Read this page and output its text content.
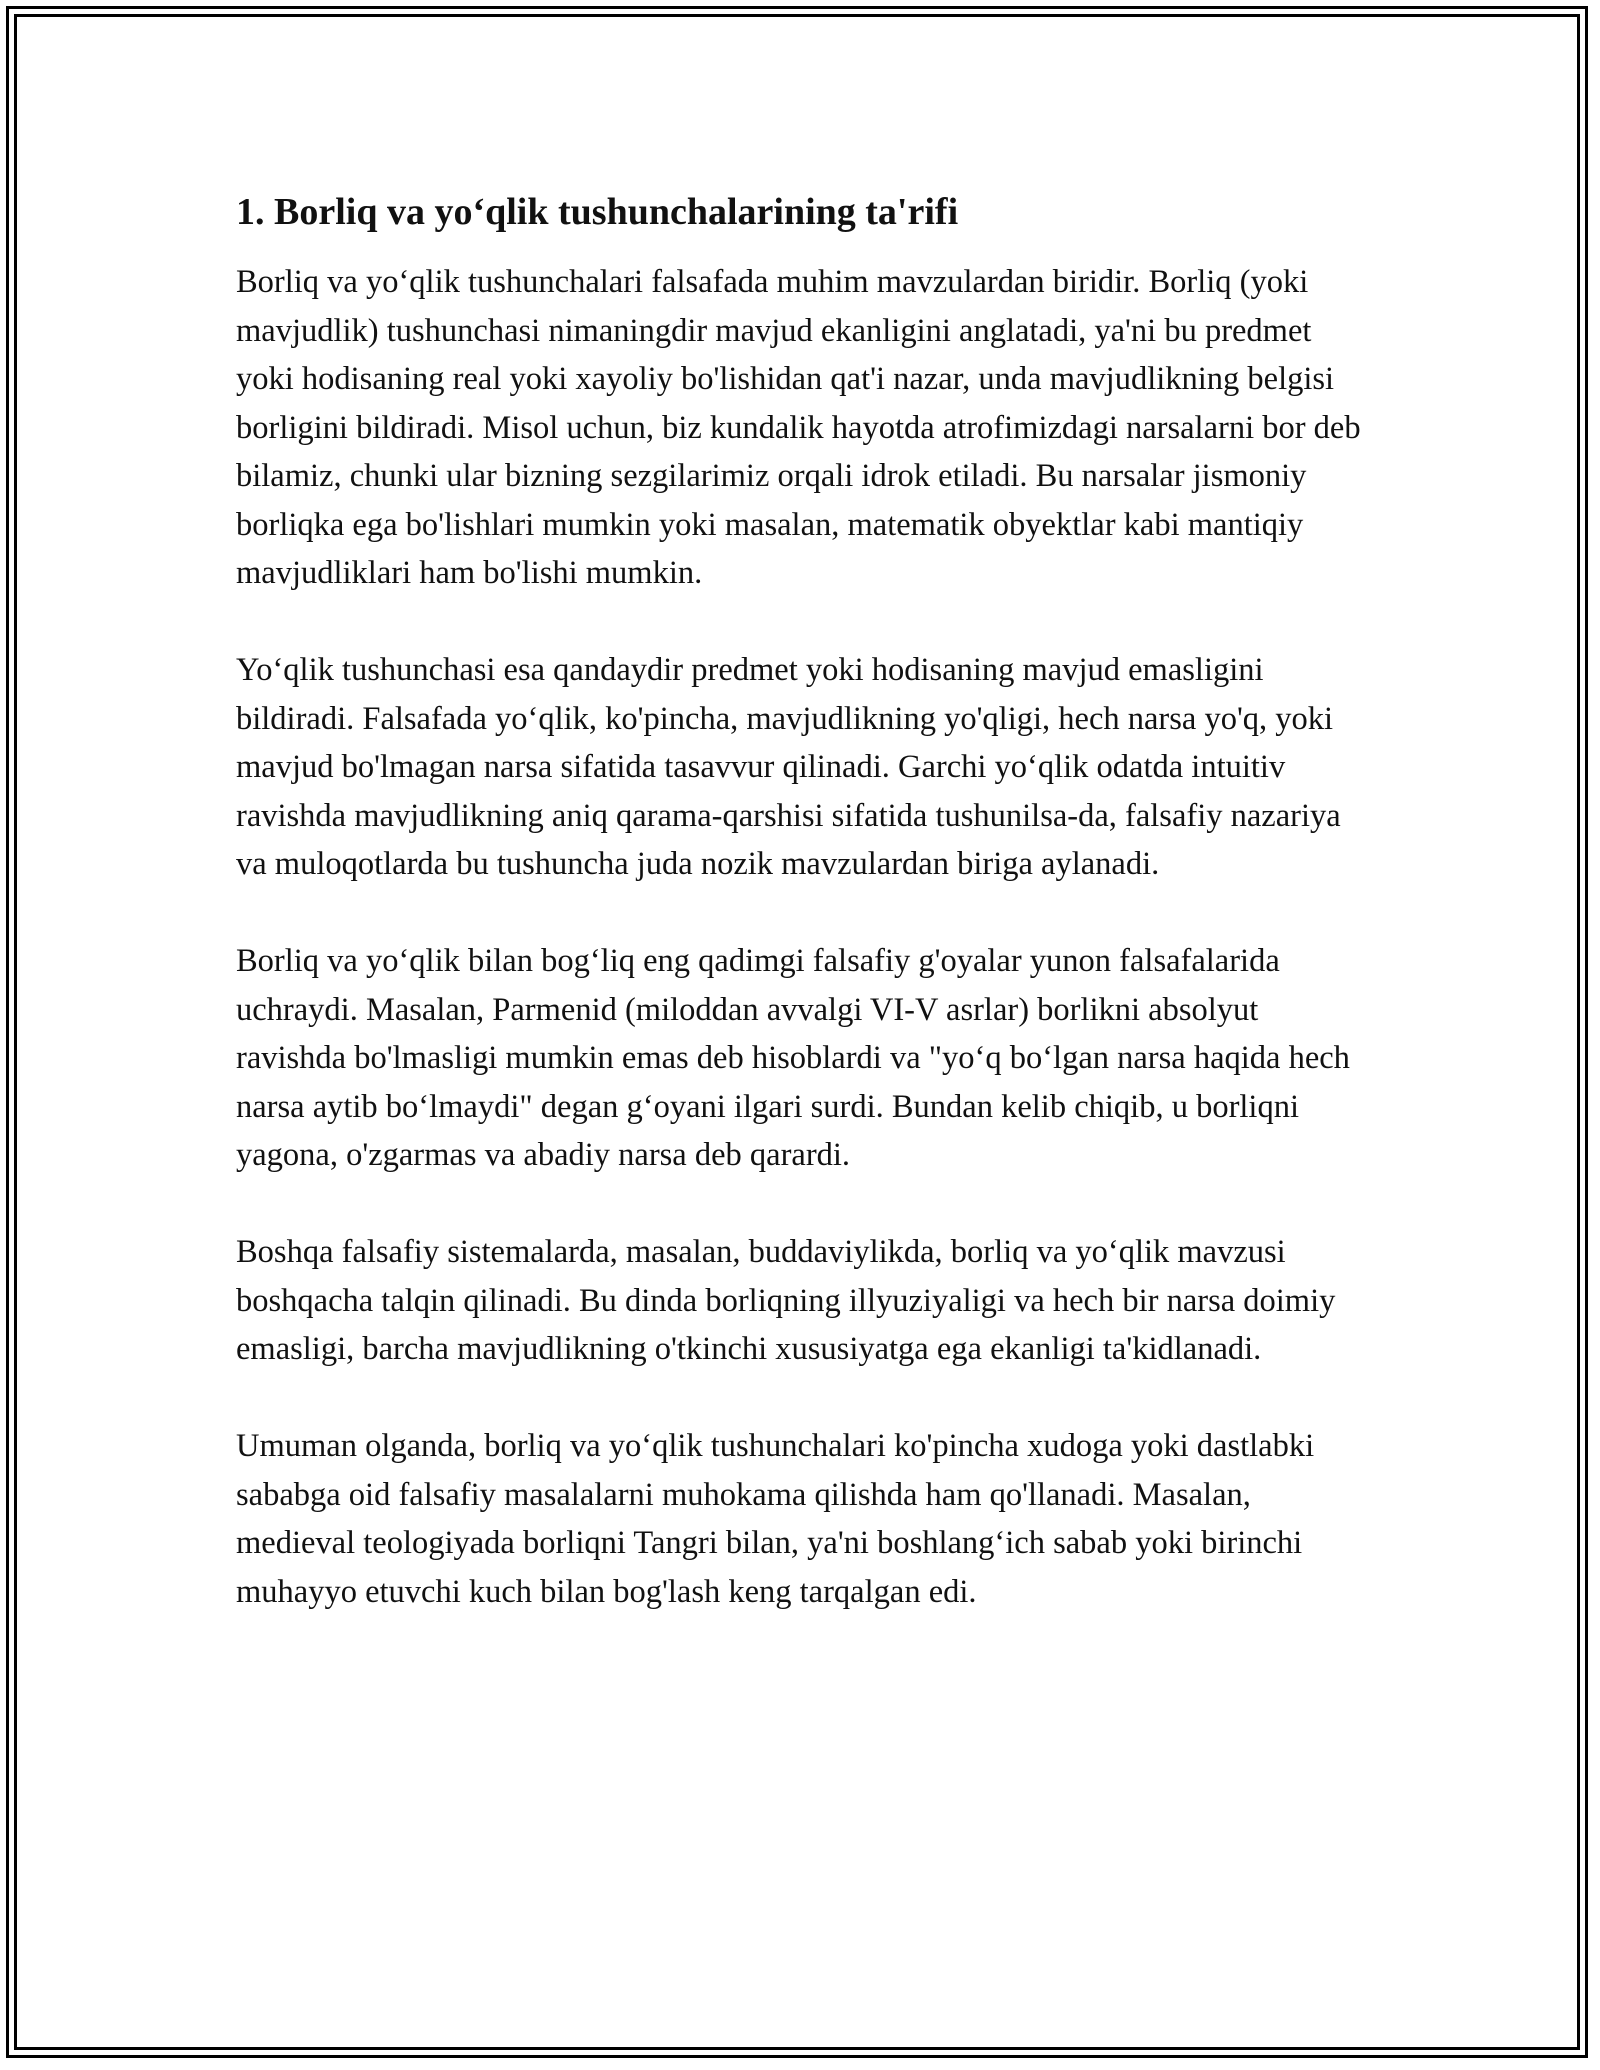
1. Borliq va yo‘qlik tushunchalarining ta'rifi

Borliq va yo‘qlik tushunchalari falsafada muhim mavzulardan biridir. Borliq (yoki mavjudlik) tushunchasi nimaningdir mavjud ekanligini anglatadi, ya'ni bu predmet yoki hodisaning real yoki xayoliy bo'lishidan qat'i nazar, unda mavjudlikning belgisi borligini bildiradi. Misol uchun, biz kundalik hayotda atrofimizdagi narsalarni bor deb bilamiz, chunki ular bizning sezgilarimiz orqali idrok etiladi. Bu narsalar jismoniy borliqka ega bo'lishlari mumkin yoki masalan, matematik obyektlar kabi mantiqiy mavjudliklari ham bo'lishi mumkin.

Yo‘qlik tushunchasi esa qandaydir predmet yoki hodisaning mavjud emasligini bildiradi. Falsafada yo‘qlik, ko'pincha, mavjudlikning yo'qligi, hech narsa yo'q, yoki mavjud bo'lmagan narsa sifatida tasavvur qilinadi. Garchi yo‘qlik odatda intuitiv ravishda mavjudlikning aniq qarama-qarshisi sifatida tushunilsa-da, falsafiy nazariya va muloqotlarda bu tushuncha juda nozik mavzulardan biriga aylanadi.

Borliq va yo‘qlik bilan bog‘liq eng qadimgi falsafiy g'oyalar yunon falsafalarida uchraydi. Masalan, Parmenid (miloddan avvalgi VI-V asrlar) borlikni absolyut ravishda bo'lmasligi mumkin emas deb hisoblardi va "yo‘q bo‘lgan narsa haqida hech narsa aytib bo‘lmaydi" degan g‘oyani ilgari surdi. Bundan kelib chiqib, u borliqni yagona, o'zgarmas va abadiy narsa deb qarardi.

Boshqa falsafiy sistemalarda, masalan, buddaviylikda, borliq va yo‘qlik mavzusi boshqacha talqin qilinadi. Bu dinda borliqning illyuziyaligi va hech bir narsa doimiy emasligi, barcha mavjudlikning o'tkinchi xususiyatga ega ekanligi ta'kidlanadi.

Umuman olganda, borliq va yo‘qlik tushunchalari ko'pincha xudoga yoki dastlabki sababga oid falsafiy masalalarni muhokama qilishda ham qo'llanadi. Masalan, medieval teologiyada borliqni Tangri bilan, ya'ni boshlang‘ich sabab yoki birinchi muhayyo etuvchi kuch bilan bog'lash keng tarqalgan edi.
